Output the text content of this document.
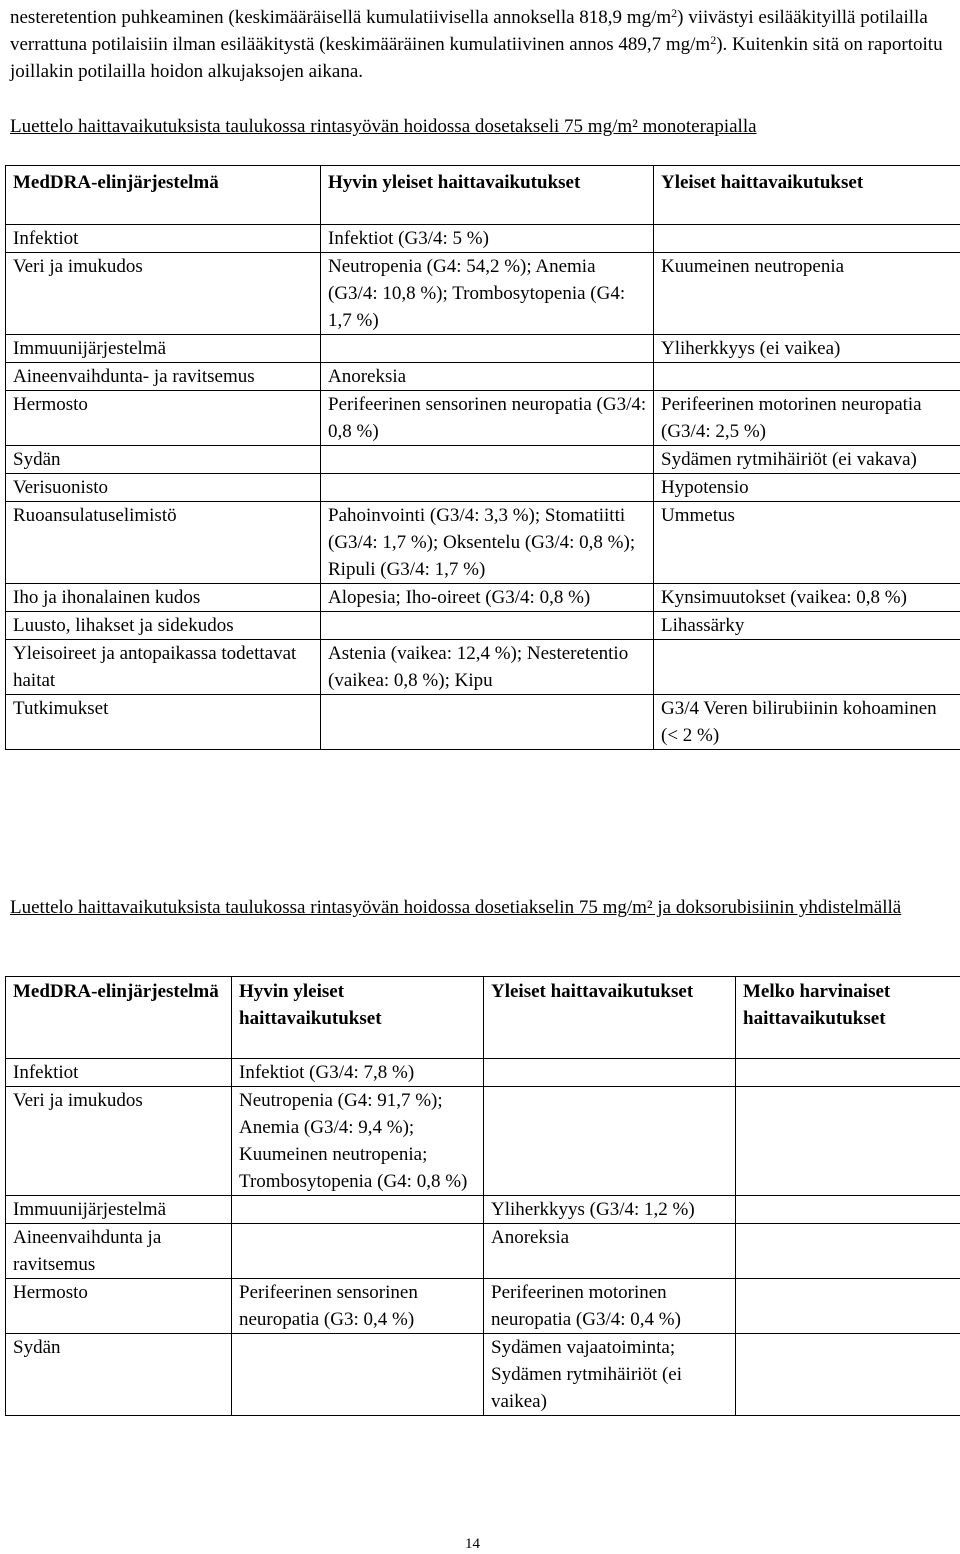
nesteretention puhkeaminen (keskimääräisellä kumulatiivisella annoksella 818,9 $mg/m^2$) viivästyi esilääkityillä potilailla verrattuna potilaisiin ilman esilääkitystä (keskimääräinen kumulatiivinen annos 489,7 $mg/m^2$). Kuitenkin sitä on raportoitu joillakin potilailla hoidon alkujaksojen aikana.

Luettelo haittavaikutuksista taulukossa rintasyövän hoidossa dosetakseli 75 mg/m² monoterapialla

MedDRA-elinjärjestelmä	Hyvin yleiset haittavaikutukset	Yleiset haittavaikutukset
Infektiot	Infektiot (G3/4: 5 %)	
Veri ja imukudos	Neutropenia (G4: 54,2 %); Anemia (G3/4: 10,8 %); Trombosytopenia (G4: 1,7 %)	Kuumeinen neutropenia
Immuunijärjestelmä		Yliherkkyys (ei vaikea)
Aineenvaihdunta- ja ravitsemus	Anoreksia	
Hermosto	Perifeerinen sensorinen neuropatia (G3/4: 0,8 %)	Perifeerinen motorinen neuropatia (G3/4: 2,5 %)
Sydän		Sydämen rytmihäiriöt (ei vakava)
Verisuonisto		Hypotensio
Ruoansulatuselimistö	Pahoinvointi (G3/4: 3,3 %); Stomatiitti (G3/4: 1,7 %); Oksentelu (G3/4: 0,8 %); Ripuli (G3/4: 1,7 %)	Ummetus
Iho ja ihonalainen kudos	Alopesia; Iho-oireet (G3/4: 0,8 %)	Kynsimuutokset (vaikea: 0,8 %)
Luusto, lihakset ja sidekudos		Lihassärky
Yleisoireet ja antopaikassa todettavat haitat	Astenia (vaikea: 12,4 %); Nesteretentio (vaikea: 0,8 %); Kipu	
Tutkimukset		G3/4 Veren bilirubiinin kohoaminen (< 2 %)

Luettelo haittavaikutuksista taulukossa rintasyövän hoidossa dosetiakselin 75 mg/m² ja doksorubisiinin yhdistelmällä

MedDRA-elinjärjestelmä	Hyvin yleiset haittavaikutukset	Yleiset haittavaikutukset	Melko harvinaiset haittavaikutukset
Infektiot	Infektiot (G3/4: 7,8 %)		
Veri ja imukudos	Neutropenia (G4: 91,7 %); Anemia (G3/4: 9,4 %); Kuumeinen neutropenia; Trombosytopenia (G4: 0,8 %)		
Immuunijärjestelmä		Yliherkkyys (G3/4: 1,2 %)	
Aineenvaihdunta ja ravitsemus		Anoreksia	
Hermosto	Perifeerinen sensorinen neuropatia (G3: 0,4 %)	Perifeerinen motorinen neuropatia (G3/4: 0,4 %)	
Sydän		Sydämen vajaatoiminta; Sydämen rytmihäiriöt (ei vaikea)	
14
